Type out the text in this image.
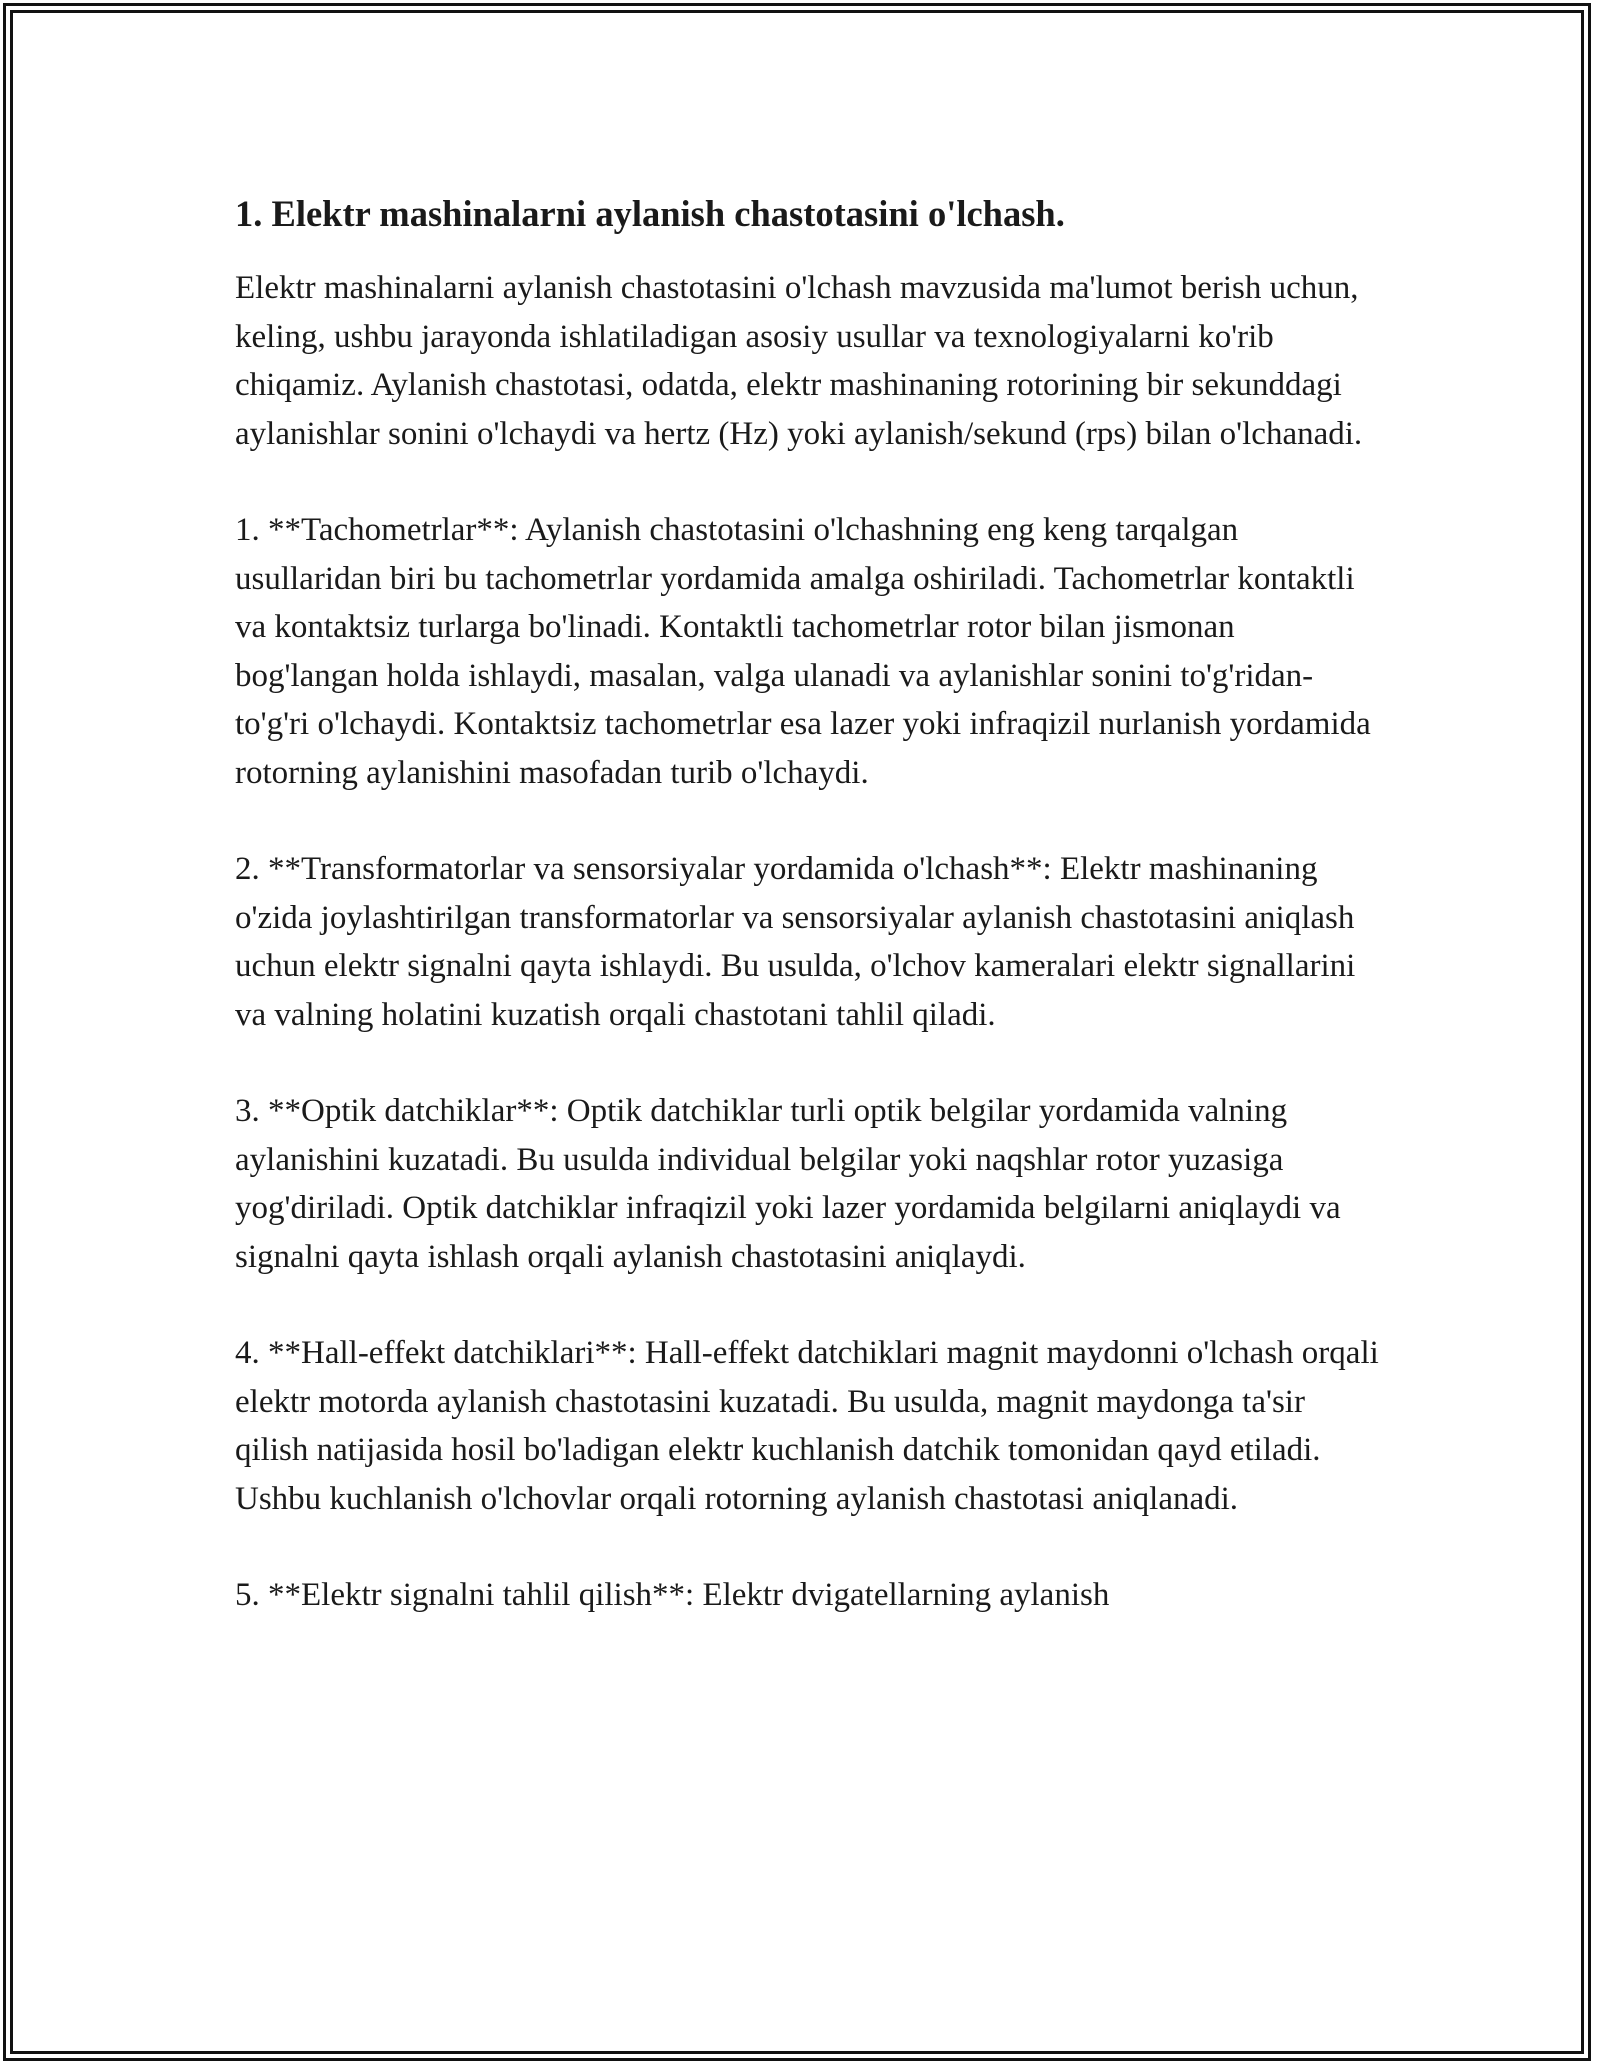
1. Elektr mashinalarni aylanish chastotasini o'lchash.

Elektr mashinalarni aylanish chastotasini o'lchash mavzusida ma'lumot berish uchun, keling, ushbu jarayonda ishlatiladigan asosiy usullar va texnologiyalarni ko'rib chiqamiz. Aylanish chastotasi, odatda, elektr mashinaning rotorining bir sekunddagi aylanishlar sonini o'lchaydi va hertz (Hz) yoki aylanish/sekund (rps) bilan o'lchanadi.

1. **Tachometrlar**: Aylanish chastotasini o'lchashning eng keng tarqalgan usullaridan biri bu tachometrlar yordamida amalga oshiriladi. Tachometrlar kontaktli va kontaktsiz turlarga bo'linadi. Kontaktli tachometrlar rotor bilan jismonan bog'langan holda ishlaydi, masalan, valga ulanadi va aylanishlar sonini to'g'ridan-to'g'ri o'lchaydi. Kontaktsiz tachometrlar esa lazer yoki infraqizil nurlanish yordamida rotorning aylanishini masofadan turib o'lchaydi.

2. **Transformatorlar va sensorsiyalar yordamida o'lchash**: Elektr mashinaning o'zida joylashtirilgan transformatorlar va sensorsiyalar aylanish chastotasini aniqlash uchun elektr signalni qayta ishlaydi. Bu usulda, o'lchov kameralari elektr signallarini va valning holatini kuzatish orqali chastotani tahlil qiladi.

3. **Optik datchiklar**: Optik datchiklar turli optik belgilar yordamida valning aylanishini kuzatadi. Bu usulda individual belgilar yoki naqshlar rotor yuzasiga yog'diriladi. Optik datchiklar infraqizil yoki lazer yordamida belgilarni aniqlaydi va signalni qayta ishlash orqali aylanish chastotasini aniqlaydi.

4. **Hall-effekt datchiklari**: Hall-effekt datchiklari magnit maydonni o'lchash orqali elektr motorda aylanish chastotasini kuzatadi. Bu usulda, magnit maydonga ta'sir qilish natijasida hosil bo'ladigan elektr kuchlanish datchik tomonidan qayd etiladi. Ushbu kuchlanish o'lchovlar orqali rotorning aylanish chastotasi aniqlanadi.

5. **Elektr signalni tahlil qilish**: Elektr dvigatellarning aylanish
